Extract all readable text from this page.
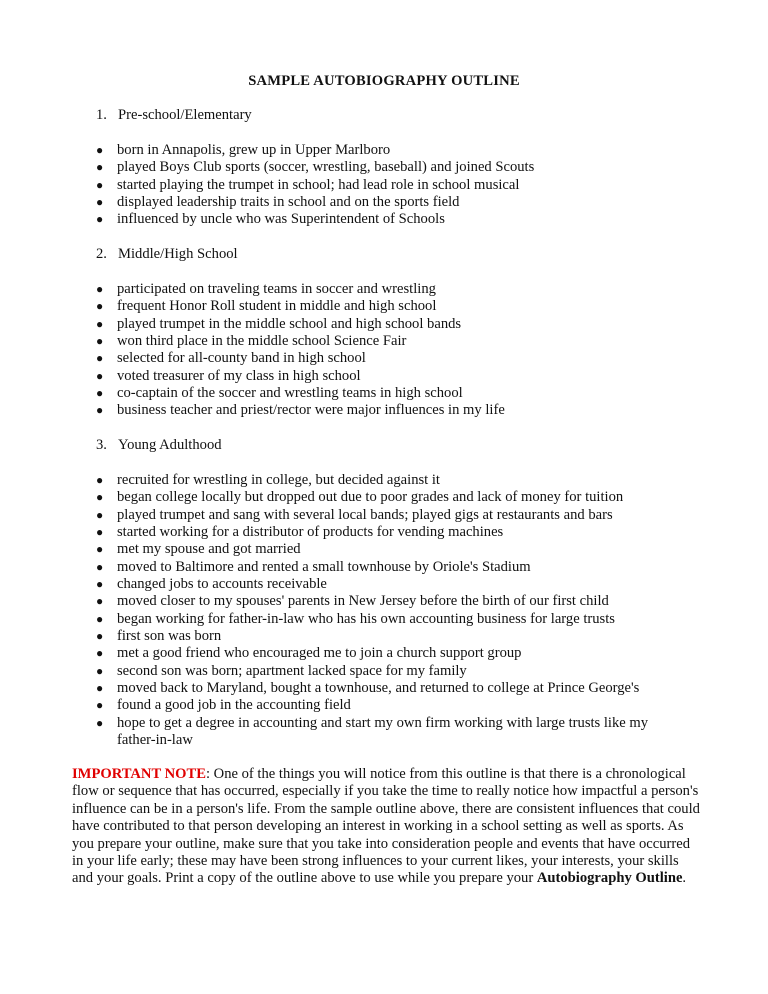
SAMPLE AUTOBIOGRAPHY OUTLINE
1. Pre-school/Elementary
● born in Annapolis, grew up in Upper Marlboro
● played Boys Club sports (soccer, wrestling, baseball) and joined Scouts
● started playing the trumpet in school; had lead role in school musical
● displayed leadership traits in school and on the sports field
● influenced by uncle who was Superintendent of Schools
2. Middle/High School
● participated on traveling teams in soccer and wrestling
● frequent Honor Roll student in middle and high school
● played trumpet in the middle school and high school bands
● won third place in the middle school Science Fair
● selected for all-county band in high school
● voted treasurer of my class in high school
● co-captain of the soccer and wrestling teams in high school
● business teacher and priest/rector were major influences in my life
3. Young Adulthood
● recruited for wrestling in college, but decided against it
● began college locally but dropped out due to poor grades and lack of money for tuition
● played trumpet and sang with several local bands; played gigs at restaurants and bars
● started working for a distributor of products for vending machines
● met my spouse and got married
● moved to Baltimore and rented a small townhouse by Oriole's Stadium
● changed jobs to accounts receivable
● moved closer to my spouses' parents in New Jersey before the birth of our first child
● began working for father-in-law who has his own accounting business for large trusts
● first son was born
● met a good friend who encouraged me to join a church support group
● second son was born; apartment lacked space for my family
● moved back to Maryland, bought a townhouse, and returned to college at Prince George's
● found a good job in the accounting field
● hope to get a degree in accounting and start my own firm working with large trusts like my father-in-law
IMPORTANT NOTE: One of the things you will notice from this outline is that there is a chronological flow or sequence that has occurred, especially if you take the time to really notice how impactful a person's influence can be in a person's life. From the sample outline above, there are consistent influences that could have contributed to that person developing an interest in working in a school setting as well as sports. As you prepare your outline, make sure that you take into consideration people and events that have occurred in your life early; these may have been strong influences to your current likes, your interests, your skills and your goals. Print a copy of the outline above to use while you prepare your Autobiography Outline.
